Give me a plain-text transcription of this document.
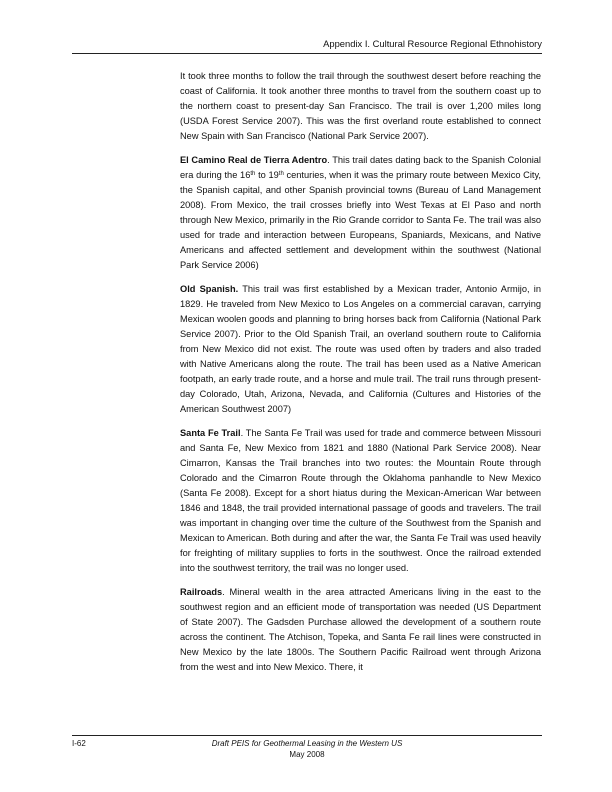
Appendix I. Cultural Resource Regional Ethnohistory

It took three months to follow the trail through the southwest desert before reaching the coast of California. It took another three months to travel from the southern coast up to the northern coast to present-day San Francisco. The trail is over 1,200 miles long (USDA Forest Service 2007). This was the first overland route established to connect New Spain with San Francisco (National Park Service 2007).

El Camino Real de Tierra Adentro. This trail dates dating back to the Spanish Colonial era during the 16th to 19th centuries, when it was the primary route between Mexico City, the Spanish capital, and other Spanish provincial towns (Bureau of Land Management 2008). From Mexico, the trail crosses briefly into West Texas at El Paso and north through New Mexico, primarily in the Rio Grande corridor to Santa Fe. The trail was also used for trade and interaction between Europeans, Spaniards, Mexicans, and Native Americans and affected settlement and development within the southwest (National Park Service 2006)

Old Spanish. This trail was first established by a Mexican trader, Antonio Armijo, in 1829. He traveled from New Mexico to Los Angeles on a commercial caravan, carrying Mexican woolen goods and planning to bring horses back from California (National Park Service 2007). Prior to the Old Spanish Trail, an overland southern route to California from New Mexico did not exist. The route was used often by traders and also traded with Native Americans along the route. The trail has been used as a Native American footpath, an early trade route, and a horse and mule trail. The trail runs through present-day Colorado, Utah, Arizona, Nevada, and California (Cultures and Histories of the American Southwest 2007)

Santa Fe Trail. The Santa Fe Trail was used for trade and commerce between Missouri and Santa Fe, New Mexico from 1821 and 1880 (National Park Service 2008). Near Cimarron, Kansas the Trail branches into two routes: the Mountain Route through Colorado and the Cimarron Route through the Oklahoma panhandle to New Mexico (Santa Fe 2008). Except for a short hiatus during the Mexican-American War between 1846 and 1848, the trail provided international passage of goods and travelers. The trail was important in changing over time the culture of the Southwest from the Spanish and Mexican to American. Both during and after the war, the Santa Fe Trail was used heavily for freighting of military supplies to forts in the southwest. Once the railroad extended into the southwest territory, the trail was no longer used.

Railroads. Mineral wealth in the area attracted Americans living in the east to the southwest region and an efficient mode of transportation was needed (US Department of State 2007). The Gadsden Purchase allowed the development of a southern route across the continent. The Atchison, Topeka, and Santa Fe rail lines were constructed in New Mexico by the late 1800s. The Southern Pacific Railroad went through Arizona from the west and into New Mexico. There, it

I-62	Draft PEIS for Geothermal Leasing in the Western US
May 2008
